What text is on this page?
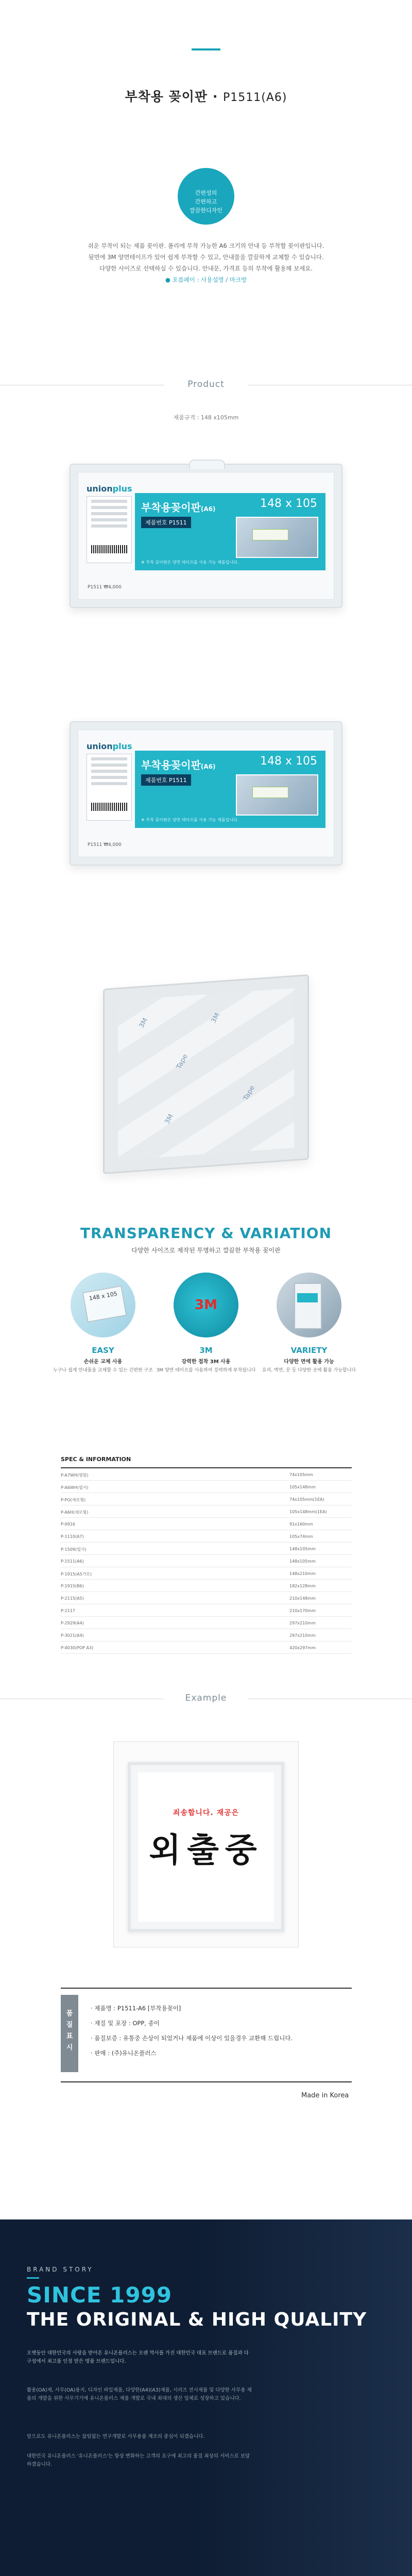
부착용 꽂이판 · P1511(A6)
간편성의
간편하고
깔끔한디자인
쉬운 부착이 되는 제품 꽂이판. 폴리에 부착 가능한 A6 크기의 안내 등 부착할 꽂이판입니다.
뒷면에 3M 양면테이프가 있어 쉽게 부착할 수 있고, 안내물을 깔끔하게 교체할 수 있습니다.
다양한 사이즈로 선택하실 수 있습니다. 안내문, 가격표 등의 부착에 활용해 보세요.
● 포름페이 : 사용설명 / 마크방
Product
제품규격 : 148 x105mm
unionplus
P1511 ₩4,000
부착용꽂이판(A6)	148 x 105
제품번호 P1511
※ 부착 꽂이판은 양면 테이프를 사용 가능 제품입니다.
unionplus
P1511 ₩4,000
부착용꽂이판(A6)	148 x 105
제품번호 P1511
※ 부착 꽂이판은 양면 테이프를 사용 가능 제품입니다.
3M
Tape
3M
Tape
3M
TRANSPARENCY & VARIATION
다양한 사이즈로 제작된 투명하고 깔끔한 부착용 꽂이판
148 x 105
EASY
손쉬운 교체 사용
누구나 쉽게 안내물을 교체할 수 있는 간편한 구조
3M
3M
강력한 접착 3M 사용
3M 양면 테이프를 사용하여 강력하게 부착됩니다
VARIETY
다양한 면에 활용 가능
유리, 벽면, 문 등 다양한 곳에 활용 가능합니다
SPEC & INFORMATION
P-A7WH(명함)	74x105mm
P-A6WH(엽서)	105x148mm
P-PO(세로형)	74x105mm(1EA)
P-A6H(세로형)	105x148mm(1EA)
P-0916	91x160mm
P-1110(A7)	105x74mm
P-1509(엽서)	148x105mm
P-1511(A6)	148x105mm
P-1915(A5가로)	148x210mm
P-1915(B6)	182x128mm
P-2115(A5)	210x148mm
P-2117	210x170mm
P-2929(A4)	297x210mm
P-3021(A4)	297x210mm
P-4030(POP A3)	420x297mm
Example
죄송합니다. 재공은
외출중
품
질
표
시
· 제품명 : P1511-A6 [부착용꽂이]
· 재질 및 포장 : OPP, 종이
· 품질보증 : 유통중 손상이 되었거나 제품에 이상이 있을경우 교환해 드립니다.
· 판매 : (주)유니온플러스
Made in Korea
BRAND STORY
SINCE 1999
THE ORIGINAL & HIGH QUALITY
오랫동안 대한민국의 사랑을 받아온 유니온플러스는 오랜 역사를 가진 대한민국 대표 브랜드로 품질과 다구성에서 최고를 인정 받은 명품 브랜드입니다.
활용(OA)제, 사무(OA)용지, 디자인 파일제품, 다양한(A4)(A3)제품, 시리즈 전시제품 및 다양한 사무용 제품의 개발을 위한 사무기기에 유니온플러스 제품 개발로 국내 최대의 생산 업체로 성장하고 있습니다.
앞으로도 유니온플러스는 끊임없는 연구개발로 사무용품 제조의 중심이 되겠습니다.
대한민국 유니온플러스 '유니온플러스'는 항상 변화하는 고객의 요구에 최고의 품질 최상의 서비스로 보답하겠습니다.
